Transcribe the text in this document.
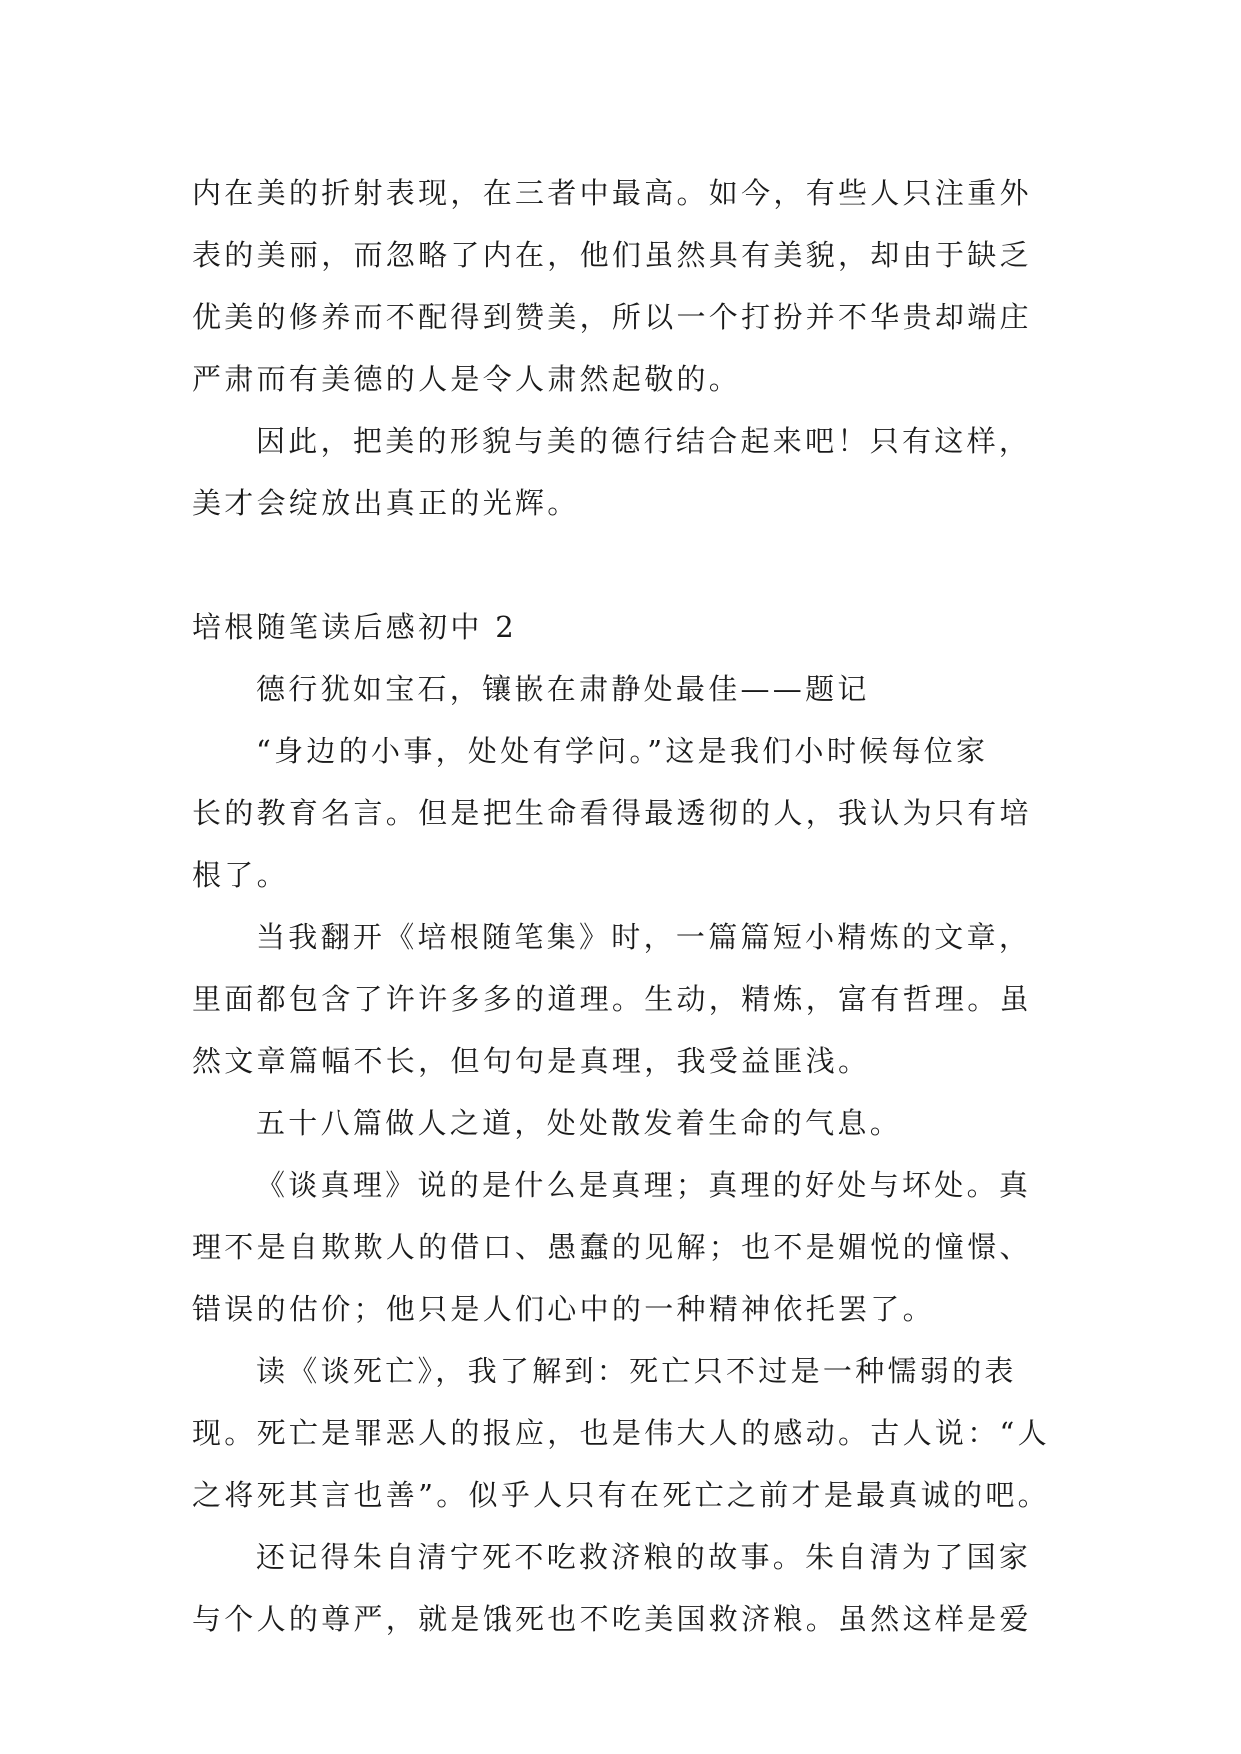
内在美的折射表现，在三者中最高。如今，有些人只注重外
表的美丽，而忽略了内在，他们虽然具有美貌，却由于缺乏
优美的修养而不配得到赞美，所以一个打扮并不华贵却端庄
严肃而有美德的人是令人肃然起敬的。
因此，把美的形貌与美的德行结合起来吧！只有这样，
美才会绽放出真正的光辉。
培根随笔读后感初中 2
德行犹如宝石，镶嵌在肃静处最佳——题记
“身边的小事，处处有学问。”这是我们小时候每位家
长的教育名言。但是把生命看得最透彻的人，我认为只有培
根了。
当我翻开《培根随笔集》时，一篇篇短小精炼的文章，
里面都包含了许许多多的道理。生动，精炼，富有哲理。虽
然文章篇幅不长，但句句是真理，我受益匪浅。
五十八篇做人之道，处处散发着生命的气息。
《谈真理》说的是什么是真理；真理的好处与坏处。真
理不是自欺欺人的借口、愚蠢的见解；也不是媚悦的憧憬、
错误的估价；他只是人们心中的一种精神依托罢了。
读《谈死亡》，我了解到：死亡只不过是一种懦弱的表
现。死亡是罪恶人的报应，也是伟大人的感动。古人说：“人
之将死其言也善”。似乎人只有在死亡之前才是最真诚的吧。
还记得朱自清宁死不吃救济粮的故事。朱自清为了国家
与个人的尊严，就是饿死也不吃美国救济粮。虽然这样是爱
